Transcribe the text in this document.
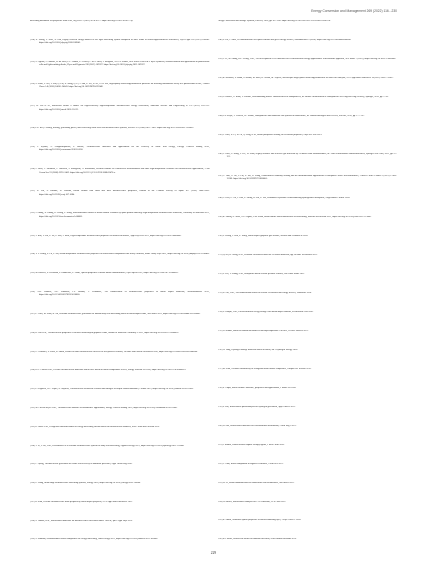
Energy Conversion and Management 269 (2022) 116...230

harvesting membrane for polymeric solar cells, Org Lett 13 (2011) 4574–4577. https://doi.org/10.1021/ol201779y.

[114] X. Zhang, Y. Xiao, X. Zhu, Highly efficient energy transfer in the light harvesting system composed of three kinds of boron-dipyrromethene derivatives, Dyes Pigm 185 (2021) 108946. https://doi.org/10.1016/j.dyepig.2020.108946.

[115] A. Agnius, J. Fanlotsi, W. da Silva, L.C. Santos, L. Alcácer, C.M.A. Brett, J. Morgado, A.J.F.N. Sobral, New series of BODIPY dyes: synthesis, characterization and applications in photovoltaic cells and light-emitting diodes, Dyes and Pigments 190 (2021) 109327. https://doi.org/10.1016/j.dyepig.2021.109327.

[116] A. Zhou, Y. Wu, Y. Zhu, Q. Liu, X. Wang, Q. Li, J. Sun, Z. Lei, X. He, Z.-H. Liu, High-quality boron-dipyrromethene quencher for reducing nonradiative decay in a photovoltaic device, J Mater Chem A 8 (2020) 24036–24043. https://doi.org/10.1039/D0TA07624K.

[117] W. Wu et al., Boron-rich solids: a chance for high-efficiency high-temperature thermoelectric energy conversion, Materials Science and Engineering B 176 (2011) 228–232. https://doi.org/10.1016/j.mseb.2010.11.012.

[118] L.E. Bell, Cooling, heating, generating power, and recovering waste heat with thermoelectric systems, Science 321 (2008) 1457–1461. https://doi.org/10.1126/science.1158899.

[119] T. Kyratsi, A. Anagnostopoulos, P. Nikolic, Thermoelectric materials and applications for the recovery of waste heat energy, Energy Convers Manag 2016, https://doi.org/10.1016/j.enconman.2016.10.056.

[120] F. Mori, T. Takimoto, T. Takeuchi, Y. Mizuguchi, A. Kawamura, Electron transfer in a boron-rich semiconductor and other high-temperature ceramics for thermoelectric applications, J Am Ceram Soc 91 (2008) 2393–2402. https://doi.org/10.1111/j.1551-2916.2008.02470.x.

[121] X. Liu, S. Kimura, H. Yoshida, Boron carbide thin films and their thermoelectric properties, Journal of the Ceramic Society of Japan 107 (1999) 1084–1089. https://doi.org/10.2109/jcersj.107.1084.

[122] J. Zhang, X. Huang, H. Zhang, Y. Wang, Microstructural control of boron carbide ceramics by spark plasma sintering: high-temperature thermoelectric behaviour, Chemistry of Materials 2021, https://doi.org/10.1021/acs.chemmater.1c00000.

[123] T. Kan, Y. Liu, Z. Lu, Z. Sun, T. Mori, High-temperature thermoelectric properties of boron-rich borides, Appl Phys Lett 2021, https://doi.org/10.1063/5.0040000.

[124] Y. Y. Zhang, S. Lu, Y. Shi, Room-temperature thermoelectric properties of boron-based compounds with heavy elements, Mater Today Phys 2021, https://doi.org/10.1016/j.mtphys.2021.100400.

[125] M. Bouvier, E. Pressman, P. Haumesser, P. Thom, Optical properties of boron nitride nanostructures, Opt Express 2011, https://doi.org/10.1364/OE.19.000001.

[126] A.B. Ivanova, A.E. Lukianov, I.V. Bodnar, T. Fernandez, The enhancement of thermoelectric properties in boron doped materials, Semiconductors 2015, https://doi.org/10.1134/S1063782615010000.

[127] L. Chen, M. Zhao, B. Xu, Wearable thermoelectric generators for human body heat harvesting based on boron-doped films, Adv Mater 2022, https://doi.org/10.1002/adma.202100000.

[128] B. Tsai et al., Thermoelectric properties of flexible boron-doped graphene films, Journal of Materials Chemistry A 2021, https://doi.org/10.1039/D1TA00000A.

[129] G. Gonzalez, S. Zhou, R. Smith, Printed flexible thermoelectric devices for self-powered sensors, Flexible and Printed Electronics 2020, https://doi.org/10.1088/2058-8585/ab0000.

[130] R.A. Ciorcan et al., Flexible thermoelectric materials and devices based on boron compounds: review, Energy Environ Sci 2020, https://doi.org/10.1039/C9EE00000A.

[131] P. Nogueira, H.C. Lopes, N. Siqueira, Thermoelectric behaviour of boron and nitrogen co-doped carbon nanotubes, Carbon 2019, https://doi.org/10.1016/j.carbon.2019.01.000.

[132] M. Cuervo-Reyes et al., Thermoelectric modules for automotive applications, Energy Convers Manag 2019, https://doi.org/10.1016/j.enconman.2019.01.000.

[133] D. Jones et al., Design and characterization of energy harvesting circuits based on thermoelectric modules, IEEE Trans Ind Electron 2019.

[134] T. Li, F. Xu, et al., Performance of a wearable thermoelectric system for body heat harvesting, Applied Energy 2021, https://doi.org/10.1016/j.apenergy.2021.116000.

[135] C. Qiang, Thermoelectric generators for waste heat recovery in industrial processes, Appl Therm Eng 2020.

[136] Z. Wang, Multi-stage thermoelectric harvesting systems, Energy 2020, https://doi.org/10.1016/j.energy.2020.118000.

[137] K. Kim, Flexible thermoelectric films prepared by boron doped polymers, ACS Appl Mater Interfaces 2021.

[138] S. Tanaka, et al., Boron-based materials for thermoelectric conversion above 1000 K, Jpn J Appl Phys 2019.

[139] A. Rahman, Nanostructured boron composites for energy harvesting, Nano Energy 2021, https://doi.org/10.1016/j.nanoen.2021.106000.

Energy Conversion and Storage Systems, Elsevier, 2020, pp. 417–436. https://doi.org/10.1016/B978-0-12-819500-1.00013-4.

[140] L. Pal, J. Sahu, 2D nanostructures for optoelectronic and green energy devices, Nanomaterials 9 (2020). https://doi.org/10.3390/nano9000000.

[141] T. Li, M. Zhang, K.L. Leung, et al., The development of 2D materials for electrochemical energy applications: a mechanistic approach, APL Mater 7 (2019), https://doi.org/10.1063/1.5000000.

[142] K. Kaisarov, P. Jakub, S. Kamal, M. Brzil, B. Novák, M. Vojtěch, Mesoscopic single-phase boron dipyrromethene as solar fuel catalysts, ACS Appl Mater Interfaces 14 (2022) 26027–26037.

[143] A. Kauser, G. Khan, Y. Pachari, Understanding surface characteristics of nanoparticles, in: Surface Modification of Nanoparticles for Targeted Drug Delivery, Springer, 2019, pp. 1–20.

[144] A.P. Koyle, J. Ferreira, J.L. Sobral, Nanoparticles and nanoscale bio systems in biomedicine, in: Nanotechnologies and Devices, Elsevier, 2019, pp. 177–197.

[145] J. Chen, X. Li, W. Fu, Q. Yang, et al., Boron phosphene sensing via electronic properties, Phys Rev Lett 2019.

[146] J. Chen, A. Wang, Y. Lee, W. Zhao, Highly sensitive and selective gas detection by 2D metal oxide nanostructures, in: Three-Dimensional Nanoarchitectures, Springer New York, 2011, pp. 97–121.

[147] C. Hou, G. Tai, Y. Liu, Z. Wu, X. Liang, Ultrasensitive humidity sensing and the multifunctional applications of borophene–MoS2 heterostructures, J Mater Chem A Mater 9 (2021) 13100–13106. https://doi.org/10.1039/D1TA00000A.

[148] C. Hou, G. Tai, J. Hao, L. Sheng, B. Liu, Z. Wu, Ultrastable crystalline semiconducting hydrogenated borophene, Angewandte Chemie 2020.

[149] K. Shafiq, N. Shah, A.S. Asghar, A.M. Khan, Boron nitride based nanosensors for biosensing, Biosens Bioelectron 2021, https://doi.org/10.1016/j.bios.2021.113000.

[150] Y. Zhang, J. Hou, Z. Wang, Boron doped graphene gas sensors, Sensors and Actuators B 2020.

[151] Q. Hu, K. Wang, et al., Wearable electronics based on 2D boron materials, npj Flexible Electronics 2022.

[152] Y. Lin, Y. Zhang, et al., Borophene-based flexible pressure sensors, Adv Funct Mater 2021.

[153] X. Liu, et al., Two-dimensional boron for flexible electronics and energy devices, Nanoscale 2020.

[154] L. Ranjan, et al., Electrochemical energy storage with boron-doped carbons, Electrochim Acta 2020.

[155] N. Kumar, Boron in lithium-ion batteries and supercapacitors: a review, J Power Sources 2021.

[156] H. Yang, Hydrogen storage materials based on boron, Int J Hydrogen Energy 2020.

[157] M. Park, Thermal conductivity of hexagonal boron nitride composites, Compos Sci Technol 2019.

[158] S. Gupta, Boron carbide: structure, properties and applications, J Mater Sci 2020.

[159] P. Luo, Boron-based photocatalysts for hydrogen generation, Appl Catal B 2021.

[160] D. Das, Boron-based materials for environmental remediation, Chem Eng J 2021.

[161] J. Ramos, Boron neutron capture therapy agents, J Med Chem 2020.

[162] T. Ohta, Boron compounds in organic electronics, Chem Rev 2021.

[163] W. Li, Boron nanomaterials for biomedicine and theranostics, Adv Mater 2022.

[164] H. Müller, Boron-based catalysts for CO2 reduction, ACS Catal 2021.

[165] R. Smith, Nonlinear optical properties of boron-containing dyes, J Phys Chem C 2020.

[166] B. Fischer, Boron-rich solids for radiation detection, Nucl Instrum Methods 2019.

229
